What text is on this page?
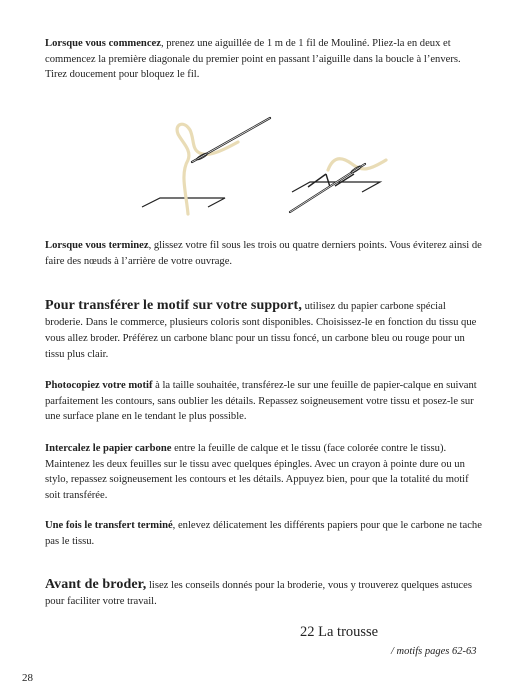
Lorsque vous commencez, prenez une aiguillée de 1 m de 1 fil de Mouliné. Pliez-la en deux et commencez la première diagonale du premier point en passant l’aiguille dans la boucle à l’envers. Tirez doucement pour bloquez le fil.

Lorsque vous terminez, glissez votre fil sous les trois ou quatre derniers points. Vous éviterez ainsi de faire des nœuds à l’arrière de votre ouvrage.

Pour transférer le motif sur votre support, utilisez du papier carbone spécial broderie. Dans le commerce, plusieurs coloris sont disponibles. Choisissez-le en fonction du tissu que vous allez broder. Préférez un carbone blanc pour un tissu foncé, un carbone bleu ou rouge pour un tissu plus clair.

Photocopiez votre motif à la taille souhaitée, transférez-le sur une feuille de papier-calque en suivant parfaitement les contours, sans oublier les détails. Repassez soigneusement votre tissu et posez-le sur une surface plane en le tendant le plus possible.

Intercalez le papier carbone entre la feuille de calque et le tissu (face colorée contre le tissu). Maintenez les deux feuilles sur le tissu avec quelques épingles. Avec un crayon à pointe dure ou un stylo, repassez soigneusement les contours et les détails. Appuyez bien, pour que la totalité du motif soit transférée.

Une fois le transfert terminé, enlevez délicatement les différents papiers pour que le carbone ne tache pas le tissu.

Avant de broder, lisez les conseils donnés pour la broderie, vous y trouverez quelques astuces pour faciliter votre travail.

22 La trousse

/ motifs pages 62-63

28
